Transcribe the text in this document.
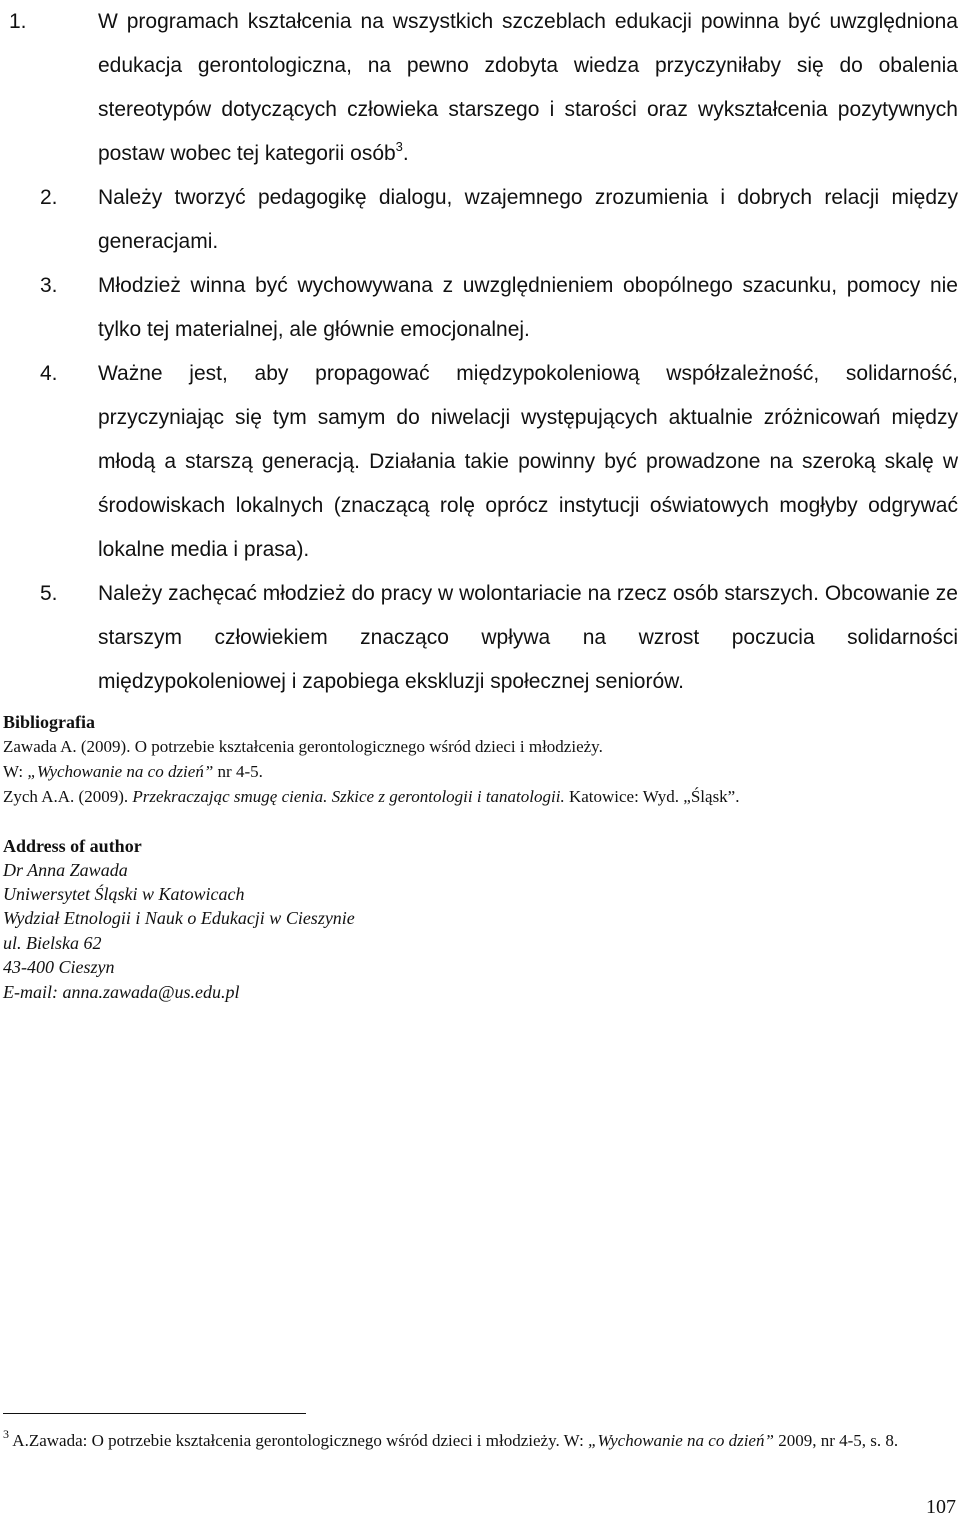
1.	W programach kształcenia na wszystkich szczeblach edukacji powinna być uwzględniona edukacja gerontologiczna, na pewno zdobyta wiedza przyczyniłaby się do obalenia stereotypów dotyczących człowieka starszego i starości oraz wykształcenia pozytywnych postaw wobec tej kategorii osób$^3$.
2. Należy tworzyć pedagogikę dialogu, wzajemnego zrozumienia i dobrych relacji między generacjami.
3. Młodzież winna być wychowywana z uwzględnieniem obopólnego szacunku, pomocy nie tylko tej materialnej, ale głównie emocjonalnej.
4. Ważne jest, aby propagować międzypokoleniową współzależność, solidarność, przyczyniając się tym samym do niwelacji występujących aktualnie zróżnicowań między młodą a starszą generacją. Działania takie powinny być prowadzone na szeroką skalę w środowiskach lokalnych (znaczącą rolę oprócz instytucji oświatowych mogłyby odgrywać lokalne media i prasa).
5. Należy zachęcać młodzież do pracy w wolontariacie na rzecz osób starszych. Obcowanie ze starszym człowiekiem znacząco wpływa na wzrost poczucia solidarności międzypokoleniowej i zapobiega ekskluzji społecznej seniorów.
Bibliografia
Zawada A. (2009). O potrzebie kształcenia gerontologicznego wśród dzieci i młodzieży.
W: „Wychowanie na co dzień” nr 4-5.
Zych A.A. (2009). Przekraczając smugę cienia. Szkice z gerontologii i tanatologii. Katowice: Wyd. „Śląsk”.
Address of author
Dr Anna Zawada
Uniwersytet Śląski w Katowicach
Wydział Etnologii i Nauk o Edukacji w Cieszynie
ul. Bielska 62
43-400 Cieszyn
E-mail: anna.zawada@us.edu.pl
$^3$ A.Zawada: O potrzebie kształcenia gerontologicznego wśród dzieci i młodzieży. W: „Wychowanie na co dzień” 2009, nr 4-5, s. 8.
107
